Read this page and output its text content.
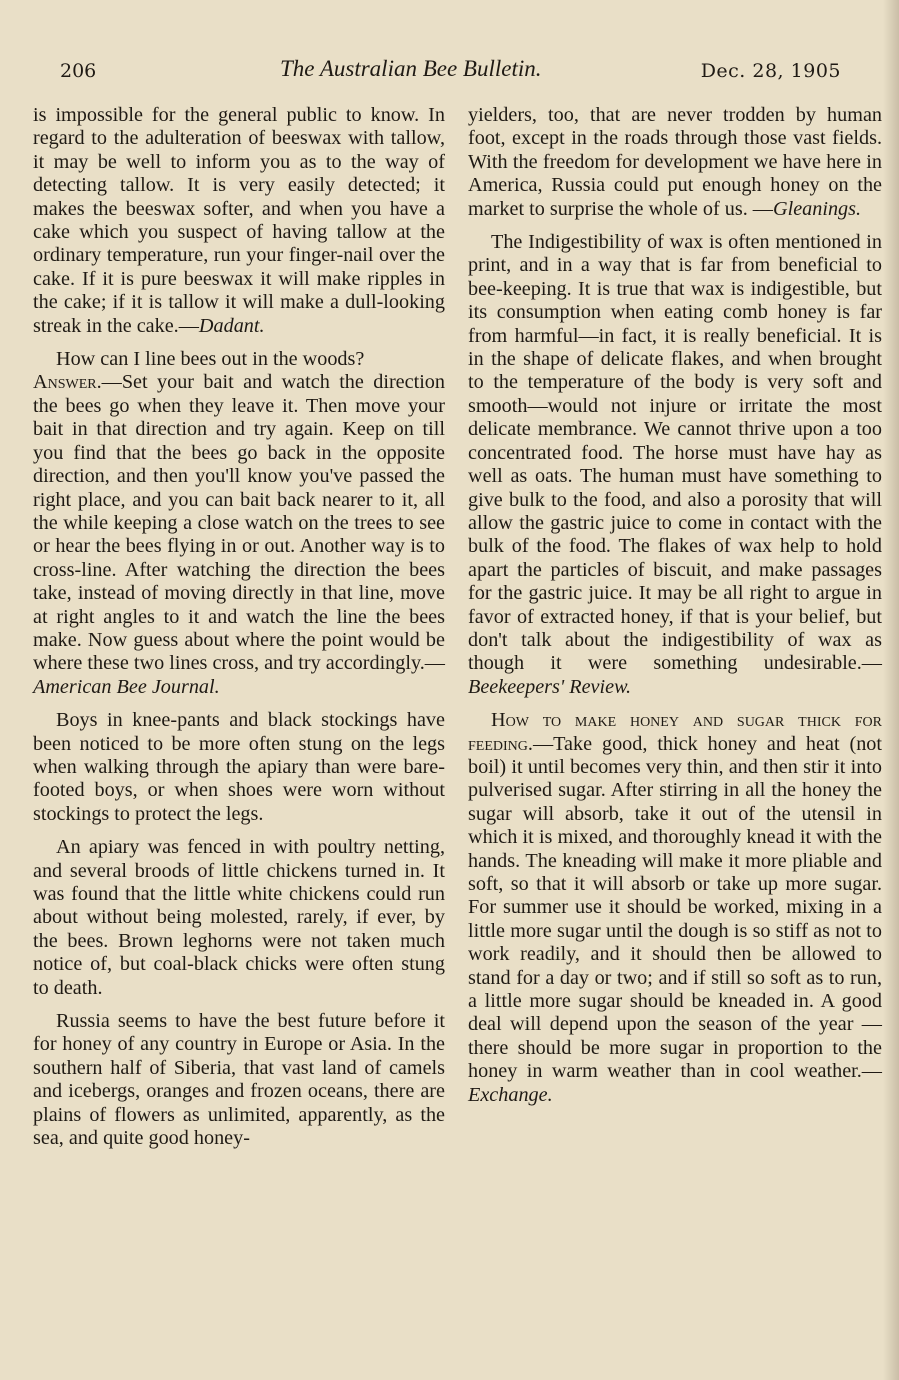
206	The Australian Bee Bulletin.	Dec. 28, 1905

is impossible for the general public to know. In regard to the adulteration of beeswax with tallow, it may be well to inform you as to the way of detecting tallow. It is very easily detected; it makes the beeswax softer, and when you have a cake which you suspect of having tallow at the ordinary temperature, run your finger-nail over the cake. If it is pure beeswax it will make ripples in the cake; if it is tallow it will make a dull-looking streak in the cake.—Dadant.

How can I line bees out in the woods?

Answer.—Set your bait and watch the direction the bees go when they leave it. Then move your bait in that direction and try again. Keep on till you find that the bees go back in the opposite direction, and then you'll know you've passed the right place, and you can bait back nearer to it, all the while keeping a close watch on the trees to see or hear the bees flying in or out. Another way is to cross-line. After watching the direction the bees take, instead of moving directly in that line, move at right angles to it and watch the line the bees make. Now guess about where the point would be where these two lines cross, and try accordingly.—American Bee Journal.

Boys in knee-pants and black stockings have been noticed to be more often stung on the legs when walking through the apiary than were bare-footed boys, or when shoes were worn without stockings to protect the legs.

An apiary was fenced in with poultry netting, and several broods of little chickens turned in. It was found that the little white chickens could run about without being molested, rarely, if ever, by the bees. Brown leghorns were not taken much notice of, but coal-black chicks were often stung to death.

Russia seems to have the best future before it for honey of any country in Europe or Asia. In the southern half of Siberia, that vast land of camels and icebergs, oranges and frozen oceans, there are plains of flowers as unlimited, apparently, as the sea, and quite good honey-

yielders, too, that are never trodden by human foot, except in the roads through those vast fields. With the freedom for development we have here in America, Russia could put enough honey on the market to surprise the whole of us. —Gleanings.

The Indigestibility of wax is often mentioned in print, and in a way that is far from beneficial to bee-keeping. It is true that wax is indigestible, but its consumption when eating comb honey is far from harmful—in fact, it is really beneficial. It is in the shape of delicate flakes, and when brought to the temperature of the body is very soft and smooth—would not injure or irritate the most delicate membrance. We cannot thrive upon a too concentrated food. The horse must have hay as well as oats. The human must have something to give bulk to the food, and also a porosity that will allow the gastric juice to come in contact with the bulk of the food. The flakes of wax help to hold apart the particles of biscuit, and make passages for the gastric juice. It may be all right to argue in favor of extracted honey, if that is your belief, but don't talk about the indigestibility of wax as though it were something undesirable.—Beekeepers' Review.

How to make honey and sugar thick for feeding.—Take good, thick honey and heat (not boil) it until becomes very thin, and then stir it into pulverised sugar. After stirring in all the honey the sugar will absorb, take it out of the utensil in which it is mixed, and thoroughly knead it with the hands. The kneading will make it more pliable and soft, so that it will absorb or take up more sugar. For summer use it should be worked, mixing in a little more sugar until the dough is so stiff as not to work readily, and it should then be allowed to stand for a day or two; and if still so soft as to run, a little more sugar should be kneaded in. A good deal will depend upon the season of the year — there should be more sugar in proportion to the honey in warm weather than in cool weather.—Exchange.
